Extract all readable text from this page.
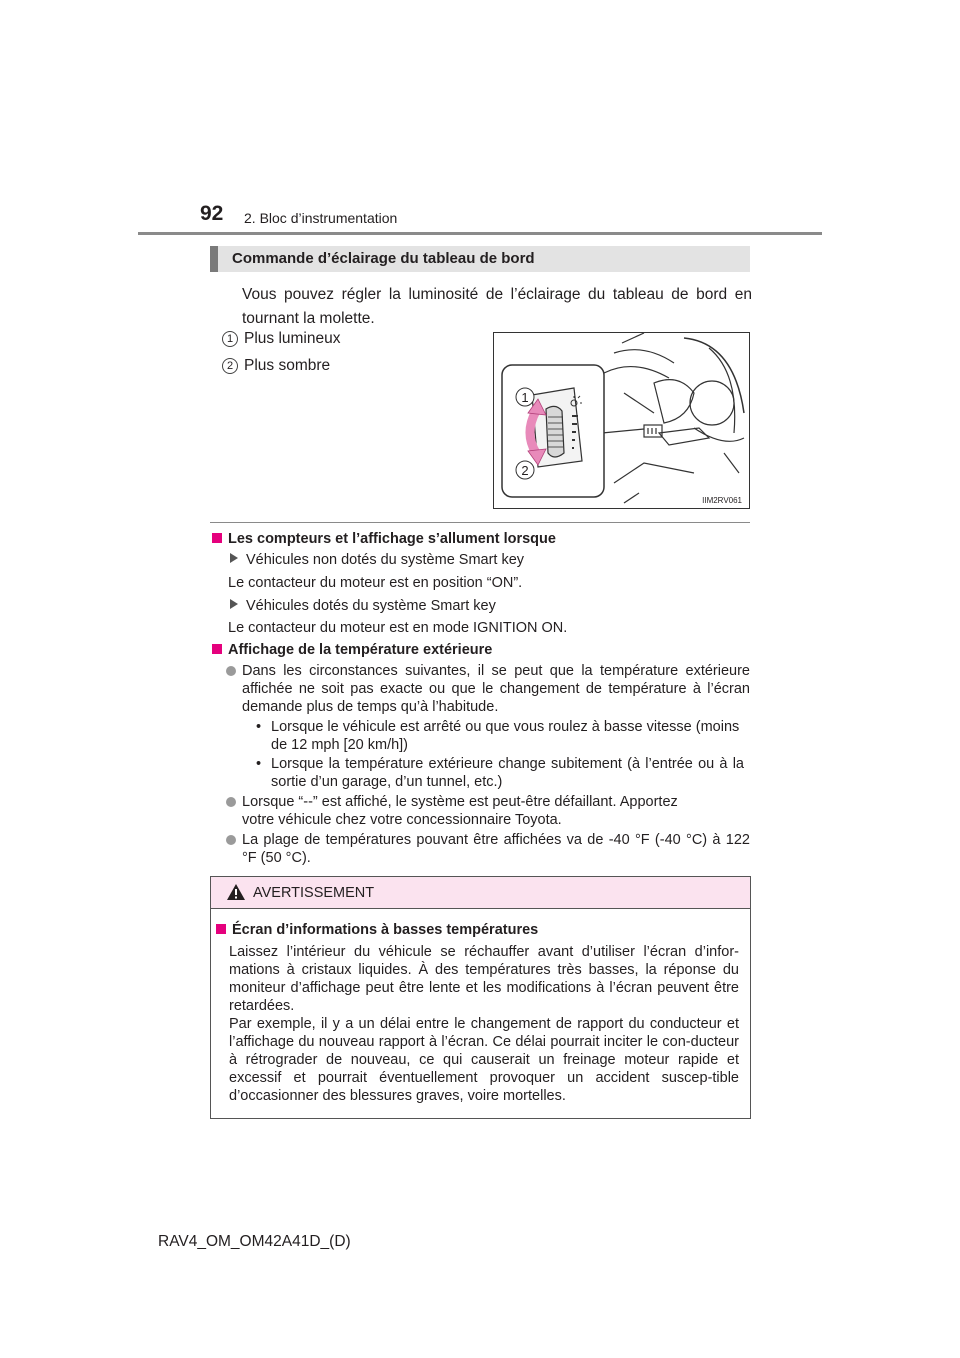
92 2. Bloc d’instrumentation
Commande d’éclairage du tableau de bord
Vous pouvez régler la luminosité de l’éclairage du tableau de bord en tournant la molette.
1 Plus lumineux
2 Plus sombre
1
2
IIM2RV061
Les compteurs et l’affichage s’allument lorsque
Véhicules non dotés du système Smart key
Le contacteur du moteur est en position “ON”.
Véhicules dotés du système Smart key
Le contacteur du moteur est en mode IGNITION ON.
Affichage de la température extérieure
Dans les circonstances suivantes, il se peut que la température extérieure affichée ne soit pas exacte ou que le changement de température à l’écran demande plus de temps qu’à l’habitude.
• Lorsque le véhicule est arrêté ou que vous roulez à basse vitesse (moins de 12 mph [20 km/h])
• Lorsque la température extérieure change subitement (à l’entrée ou à la sortie d’un garage, d’un tunnel, etc.)
Lorsque “--” est affiché, le système est peut-être défaillant. Apportez votre véhicule chez votre concessionnaire Toyota.
La plage de températures pouvant être affichées va de -40 °F (-40 °C) à 122 °F (50 °C).
AVERTISSEMENT
Écran d’informations à basses températures
Laissez l’intérieur du véhicule se réchauffer avant d’utiliser l’écran d’infor-mations à cristaux liquides. À des températures très basses, la réponse du moniteur d’affichage peut être lente et les modifications à l’écran peuvent être retardées.
Par exemple, il y a un délai entre le changement de rapport du conducteur et l’affichage du nouveau rapport à l’écran. Ce délai pourrait inciter le con-ducteur à rétrograder de nouveau, ce qui causerait un freinage moteur rapide et excessif et pourrait éventuellement provoquer un accident suscep-tible d’occasionner des blessures graves, voire mortelles.
RAV4_OM_OM42A41D_(D)
